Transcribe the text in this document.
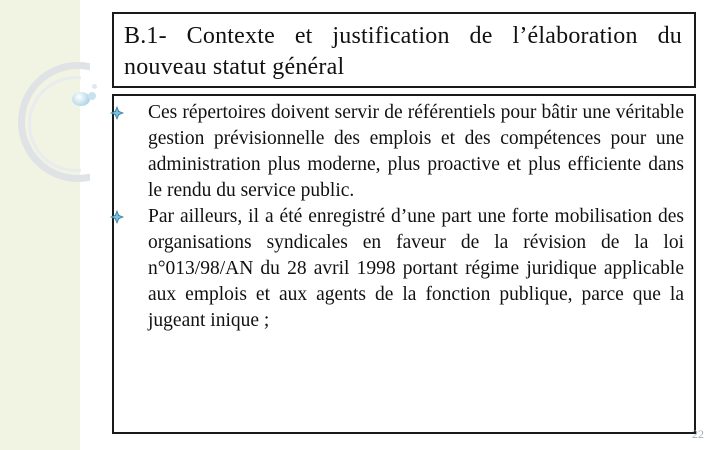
B.1- Contexte et justification de l’élaboration du nouveau statut général

Ces répertoires doivent servir de référentiels pour bâtir une véritable gestion prévisionnelle des emplois et des compétences pour une administration plus moderne, plus proactive et plus efficiente dans le rendu du service public.
Par ailleurs, il a été enregistré d’une part une forte mobilisation des organisations syndicales en faveur de la révision de la loi n°013/98/AN du 28 avril 1998 portant régime juridique applicable aux emplois et aux agents de la fonction publique, parce que la jugeant inique ;
22
